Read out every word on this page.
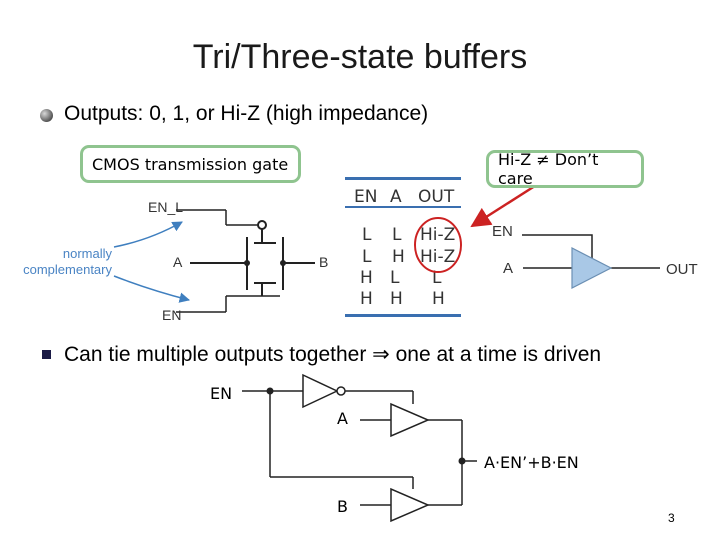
Tri/Three-state buffers
Outputs: 0, 1, or Hi-Z (high impedance)
EN_L
EN
A	B
normally
complementary
EN A OUT
L L Hi-Z
L H Hi-Z
H L L
H H H
EN
A	OUT
CMOS transmission gate	Hi-Z ≠ Don’t care
Can tie multiple outputs together ⇒ one at a time is driven
EN
A
A·EN’+B·EN
B
3
